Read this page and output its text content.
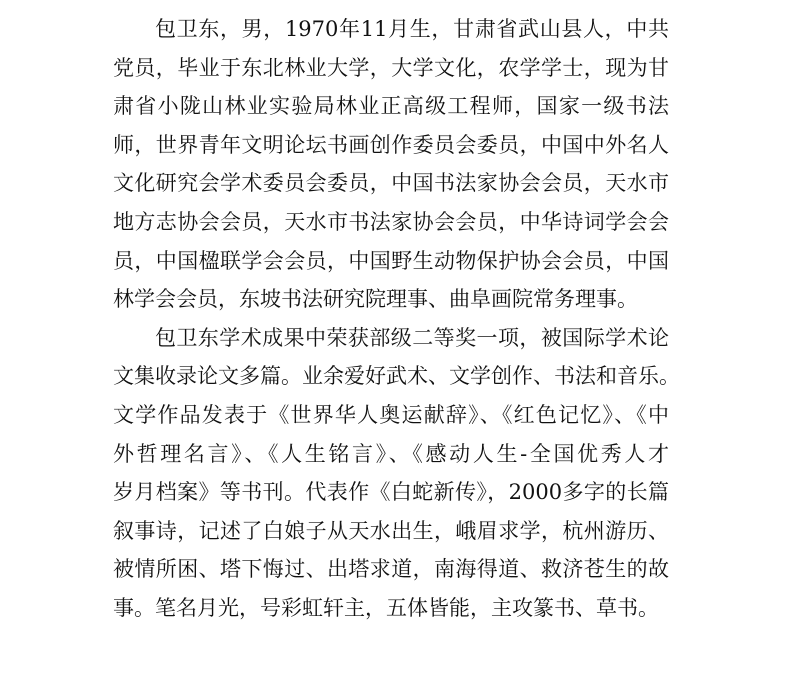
包卫东，男，1970年11月生，甘肃省武山县人，中共
党员，毕业于东北林业大学，大学文化，农学学士，现为甘
肃省小陇山林业实验局林业正高级工程师，国家一级书法
师，世界青年文明论坛书画创作委员会委员，中国中外名人
文化研究会学术委员会委员，中国书法家协会会员，天水市
地方志协会会员，天水市书法家协会会员，中华诗词学会会
员，中国楹联学会会员，中国野生动物保护协会会员，中国
林学会会员，东坡书法研究院理事、曲阜画院常务理事。
包卫东学术成果中荣获部级二等奖一项，被国际学术论
文集收录论文多篇。业余爱好武术、文学创作、书法和音乐。
文学作品发表于《世界华人奥运献辞》、《红色记忆》、《中
外哲理名言》、《人生铭言》、《感动人生-全国优秀人才
岁月档案》等书刊。代表作《白蛇新传》，2000多字的长篇
叙事诗，记述了白娘子从天水出生，峨眉求学，杭州游历、
被情所困、塔下悔过、出塔求道，南海得道、救济苍生的故
事。笔名月光，号彩虹轩主，五体皆能，主攻篆书、草书。
